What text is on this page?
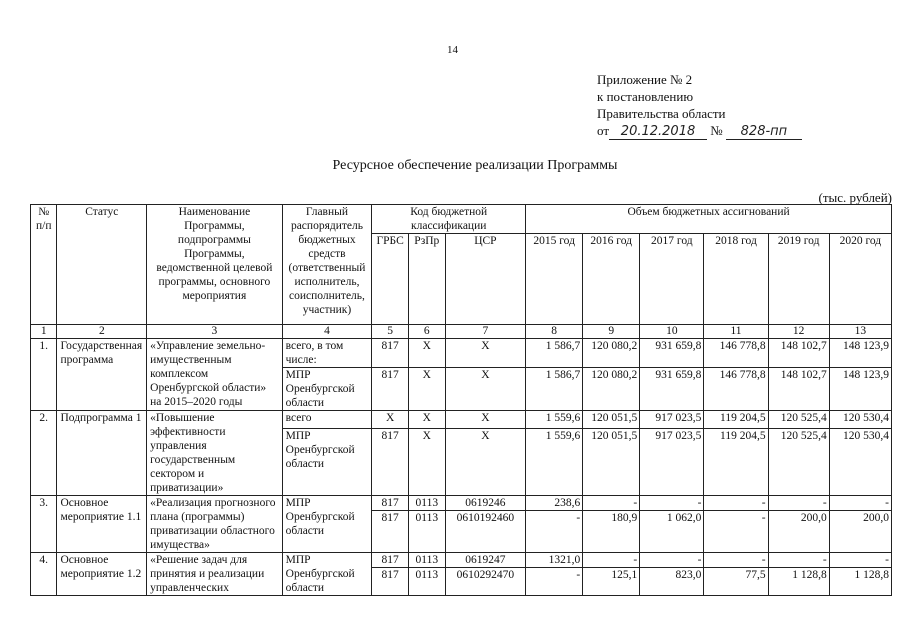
14
Приложение № 2
к постановлению
Правительства области
от 20.12.2018 № 828-пп
Ресурсное обеспечение реализации Программы
(тыс. рублей)
№ п/п	Статус	Наименование Программы, подпрограммы Программы, ведомственной целевой программы, основного мероприятия	Главный распорядитель бюджетных средств (ответственный исполнитель, соисполнитель, участник)	Код бюджетной классификации			Объем бюджетных ассигнований					
				ГРБС	РзПр	ЦСР	2015 год	2016 год	2017 год	2018 год	2019 год	2020 год
1	2	3	4	5	6	7	8	9	10	11	12	13
1.	Государственная программа	«Управление земельно-имущественным комплексом Оренбургской области» на 2015–2020 годы	всего, в том числе:	817	Х	Х	1 586,7	120 080,2	931 659,8	146 778,8	148 102,7	148 123,9
			МПР Оренбургской области	817	Х	Х	1 586,7	120 080,2	931 659,8	146 778,8	148 102,7	148 123,9
2.	Подпрограмма 1	«Повышение эффективности управления государственным сектором и приватизации»	всего	Х	Х	Х	1 559,6	120 051,5	917 023,5	119 204,5	120 525,4	120 530,4
			МПР Оренбургской области	817	Х	Х	1 559,6	120 051,5	917 023,5	119 204,5	120 525,4	120 530,4
3.	Основное мероприятие 1.1	«Реализация прогнозного плана (программы) приватизации областного имущества»	МПР Оренбургской области	817	0113	0619246	238,6	-	-	-	-	-
				817	0113	0610192460	-	180,9	1 062,0	-	200,0	200,0
4.	Основное мероприятие 1.2	«Решение задач для принятия и реализации управленческих	МПР Оренбургской области	817	0113	0619247	1321,0	-	-	-	-	-
				817	0113	0610292470	-	125,1	823,0	77,5	1 128,8	1 128,8
